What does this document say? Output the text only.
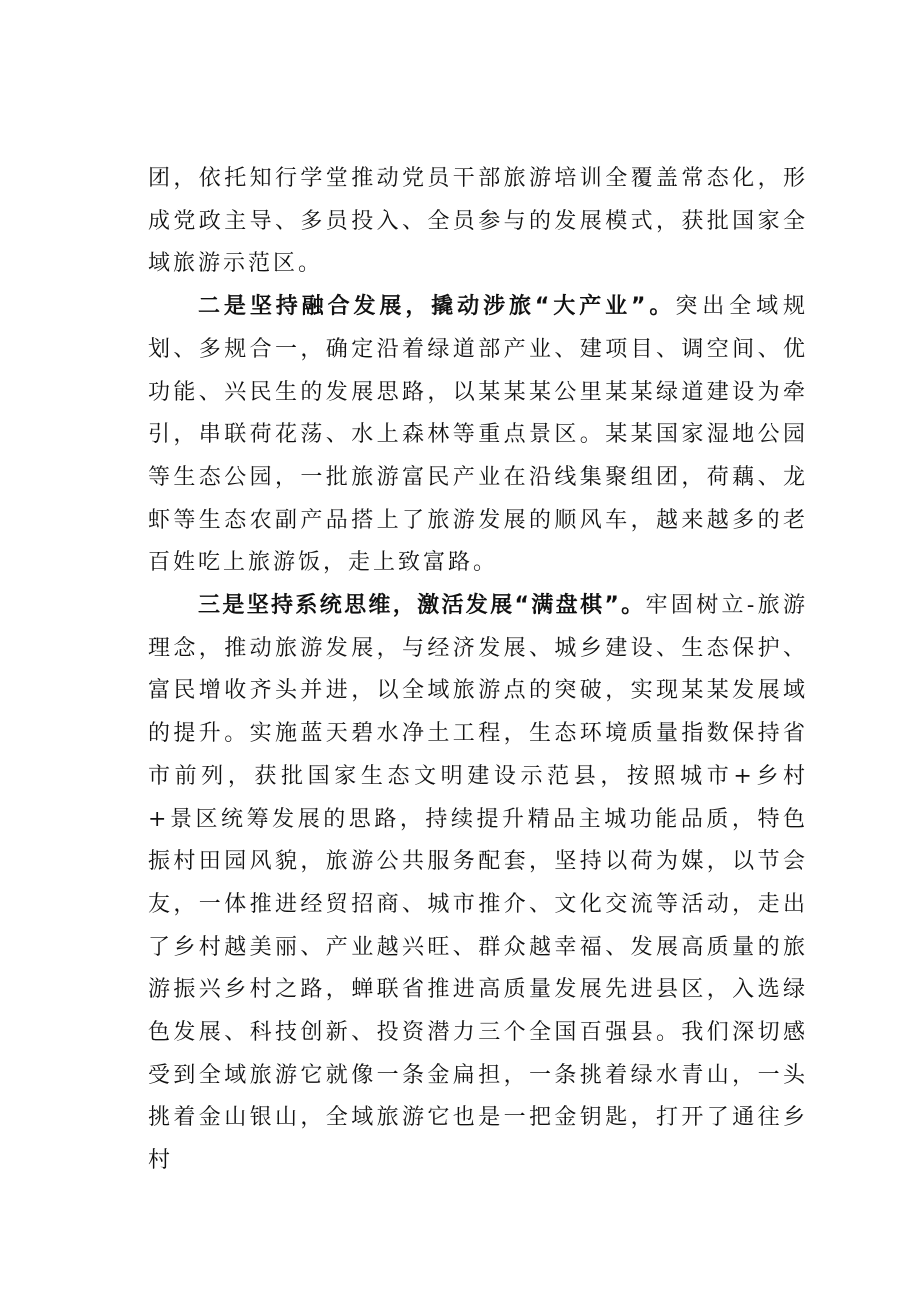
团，依托知行学堂推动党员干部旅游培训全覆盖常态化，形成党政主导、多员投入、全员参与的发展模式，获批国家全域旅游示范区。

二是坚持融合发展，撬动涉旅“大产业”。突出全域规划、多规合一，确定沿着绿道部产业、建项目、调空间、优功能、兴民生的发展思路，以某某某公里某某绿道建设为牵引，串联荷花荡、水上森林等重点景区。某某国家湿地公园等生态公园，一批旅游富民产业在沿线集聚组团，荷藕、龙虾等生态农副产品搭上了旅游发展的顺风车，越来越多的老百姓吃上旅游饭，走上致富路。

三是坚持系统思维，激活发展“满盘棋”。牢固树立-旅游理念，推动旅游发展，与经济发展、城乡建设、生态保护、富民增收齐头并进，以全域旅游点的突破，实现某某发展域的提升。实施蓝天碧水净土工程，生态环境质量指数保持省市前列，获批国家生态文明建设示范县，按照城市+乡村+景区统筹发展的思路，持续提升精品主城功能品质，特色振村田园风貌，旅游公共服务配套，坚持以荷为媒，以节会友，一体推进经贸招商、城市推介、文化交流等活动，走出了乡村越美丽、产业越兴旺、群众越幸福、发展高质量的旅游振兴乡村之路，蝉联省推进高质量发展先进县区，入选绿色发展、科技创新、投资潜力三个全国百强县。我们深切感受到全域旅游它就像一条金扁担，一条挑着绿水青山，一头挑着金山银山，全域旅游它也是一把金钥匙，打开了通往乡村
